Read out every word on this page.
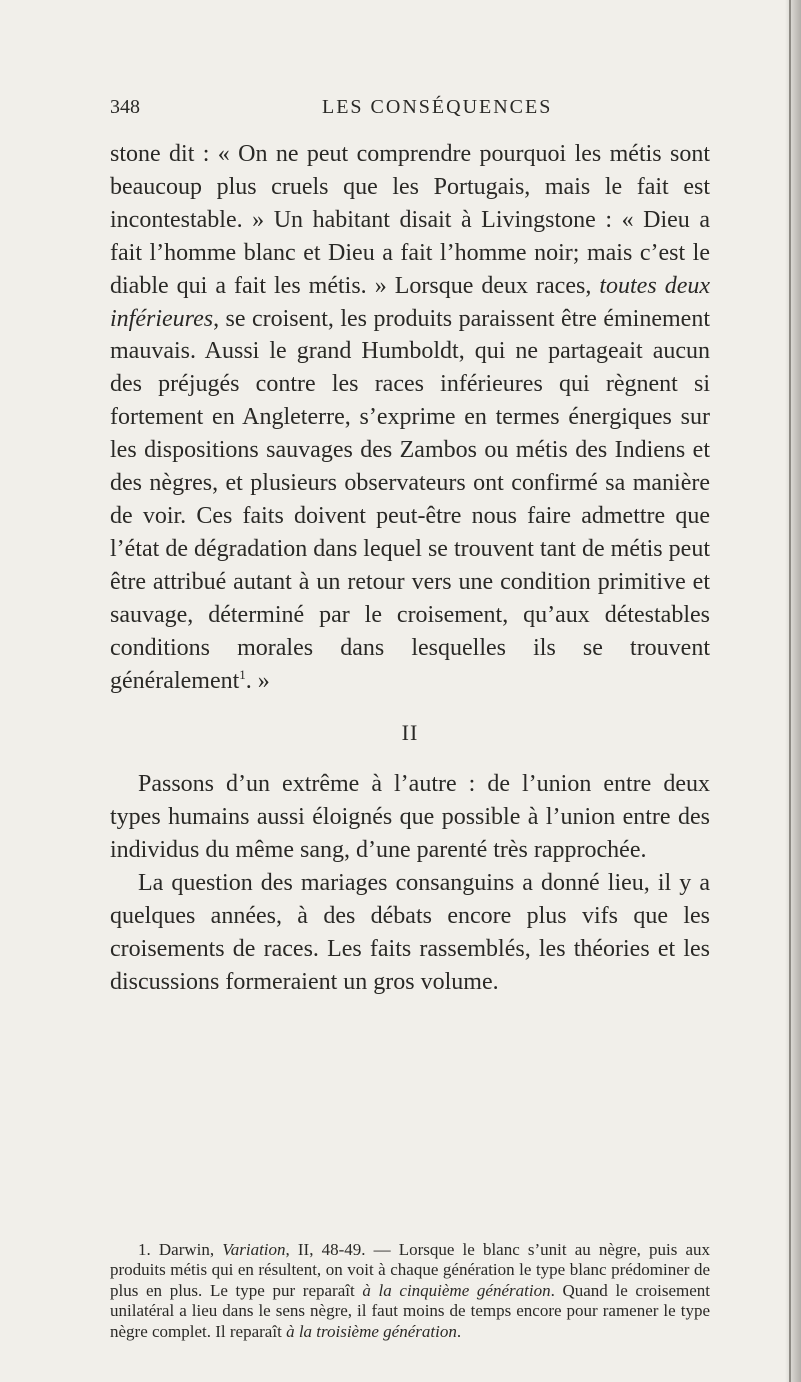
348	LES CONSÉQUENCES

stone dit : « On ne peut comprendre pourquoi les métis sont beaucoup plus cruels que les Portugais, mais le fait est incontestable. » Un habitant disait à Livingstone : « Dieu a fait l’homme blanc et Dieu a fait l’homme noir; mais c’est le diable qui a fait les métis. » Lorsque deux races, toutes deux inférieures, se croisent, les produits paraissent être éminement mauvais. Aussi le grand Humboldt, qui ne partageait aucun des préjugés contre les races inférieures qui règnent si fortement en Angleterre, s’exprime en termes énergiques sur les dispositions sauvages des Zambos ou métis des Indiens et des nègres, et plusieurs observateurs ont confirmé sa manière de voir. Ces faits doivent peut-être nous faire admettre que l’état de dégradation dans lequel se trouvent tant de métis peut être attribué autant à un retour vers une condition primitive et sauvage, déterminé par le croisement, qu’aux détestables conditions morales dans lesquelles ils se trouvent généralement$^1$. »

II

Passons d’un extrême à l’autre : de l’union entre deux types humains aussi éloignés que possible à l’union entre des individus du même sang, d’une parenté très rapprochée.

La question des mariages consanguins a donné lieu, il y a quelques années, à des débats encore plus vifs que les croisements de races. Les faits rassemblés, les théories et les discussions formeraient un gros volume.

1. Darwin, Variation, II, 48-49. — Lorsque le blanc s’unit au nègre, puis aux produits métis qui en résultent, on voit à chaque génération le type blanc prédominer de plus en plus. Le type pur reparaît à la cinquième génération. Quand le croisement unilatéral a lieu dans le sens nègre, il faut moins de temps encore pour ramener le type nègre complet. Il reparaît à la troisième génération.
